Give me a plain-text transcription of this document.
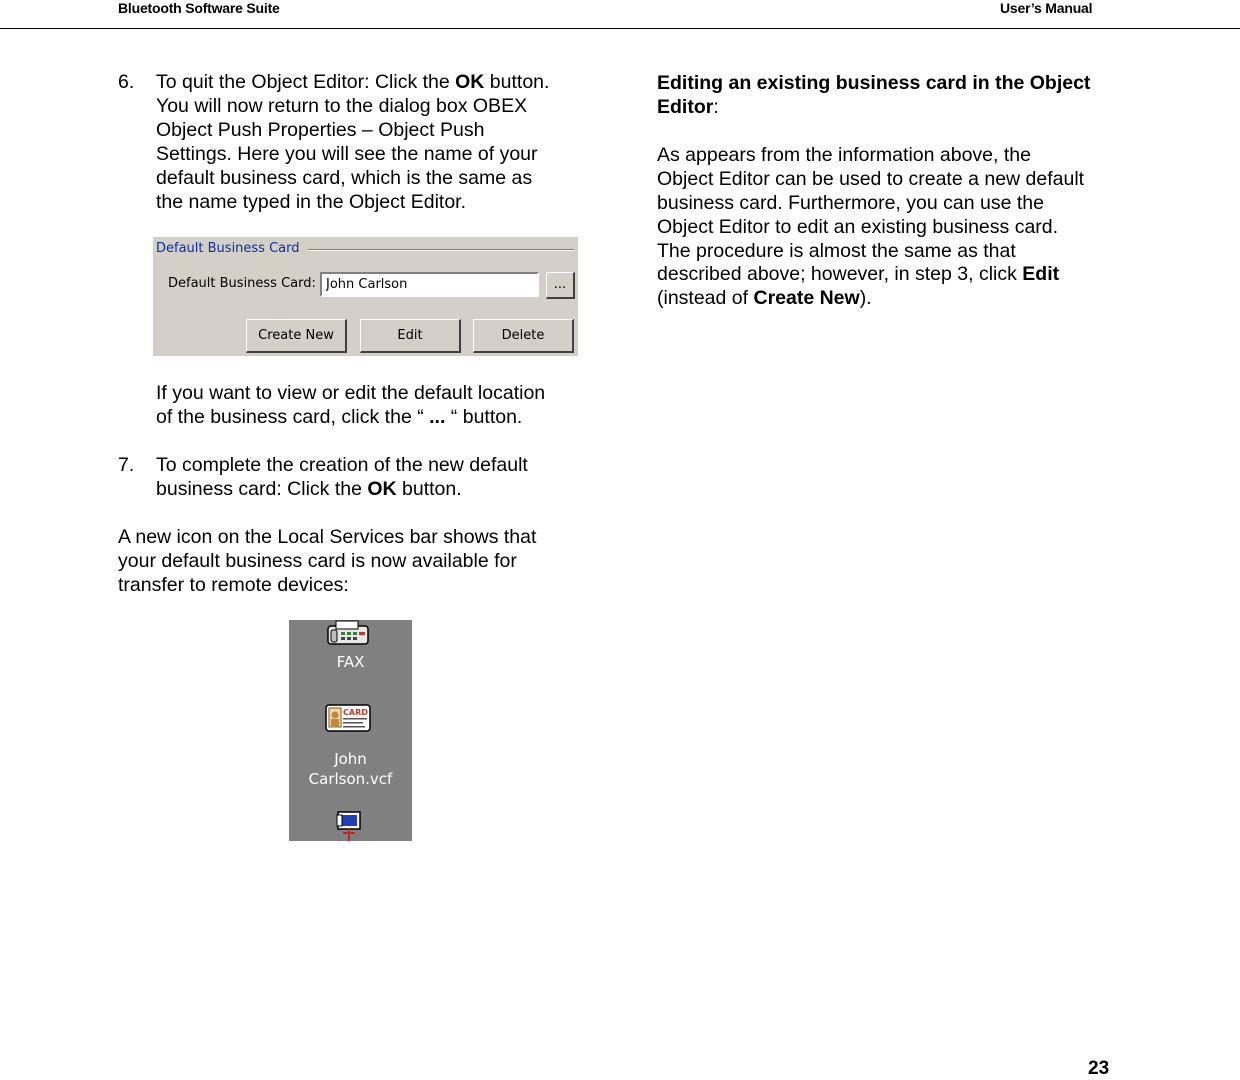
Bluetooth Software Suite	User’s Manual
6. To quit the Object Editor: Click the OK button.
You will now return to the dialog box OBEX
Object Push Properties – Object Push
Settings. Here you will see the name of your
default business card, which is the same as
the name typed in the Object Editor.
Default Business Card
Default Business Card:
John Carlson	...
Create New	Edit	Delete
If you want to view or edit the default location
of the business card, click the “ ... “ button.
7. To complete the creation of the new default
business card: Click the OK button.
A new icon on the Local Services bar shows that
your default business card is now available for
transfer to remote devices:
FAX
CARD
John
Carlson.vcf
Editing an existing business card in the Object
Editor:
As appears from the information above, the
Object Editor can be used to create a new default
business card. Furthermore, you can use the
Object Editor to edit an existing business card.
The procedure is almost the same as that
described above; however, in step 3, click Edit
(instead of Create New).
23
